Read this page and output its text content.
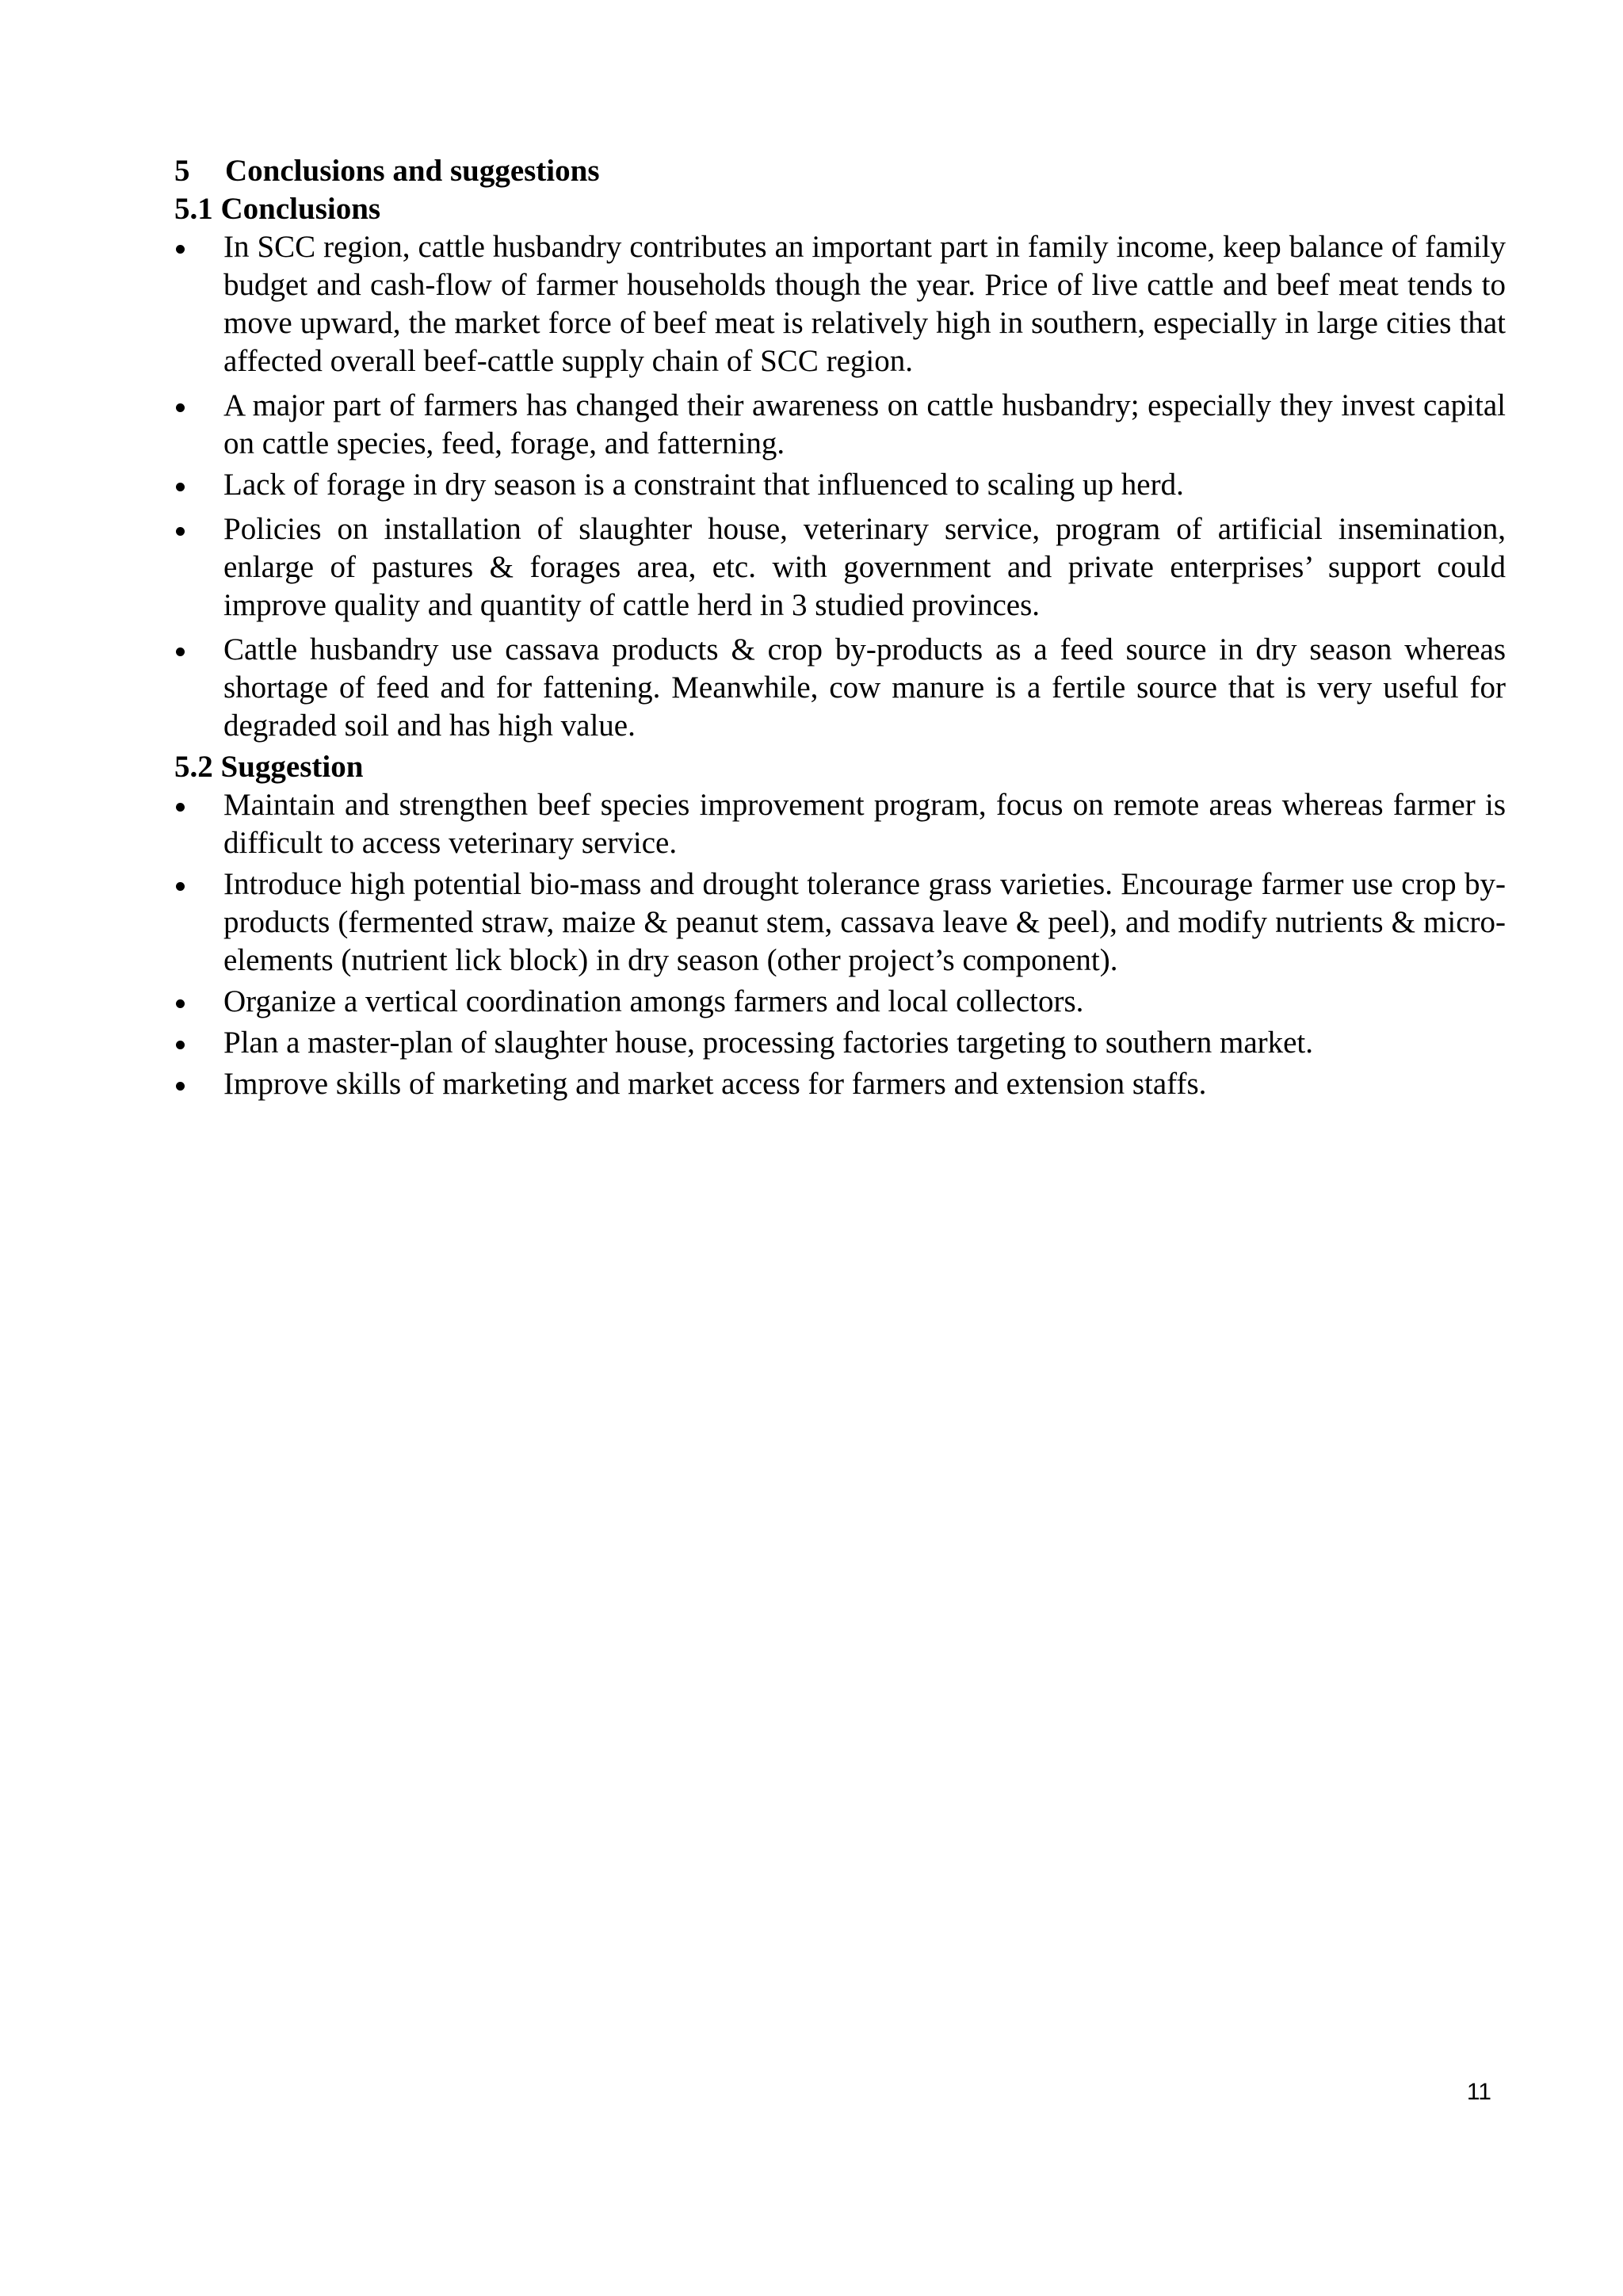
5	Conclusions and suggestions
5.1 Conclusions
In SCC region, cattle husbandry contributes an important part in family income, keep balance of family budget and cash-flow of farmer households though the year. Price of live cattle and beef meat tends to move upward, the market force of beef meat is relatively high in southern, especially in large cities that affected overall beef-cattle supply chain of SCC region.
A major part of farmers has changed their awareness on cattle husbandry; especially they invest capital on cattle species, feed, forage, and fatterning.
Lack of forage in dry season is a constraint that influenced to scaling up herd.
Policies on installation of slaughter house, veterinary service, program of artificial insemination, enlarge of pastures & forages area, etc. with government and private enterprises’ support could improve quality and quantity of cattle herd in 3 studied provinces.
Cattle husbandry use cassava products & crop by-products as a feed source in dry season whereas shortage of feed and for fattening. Meanwhile, cow manure is a fertile source that is very useful for degraded soil and has high value.
5.2 Suggestion
Maintain and strengthen beef species improvement program, focus on remote areas whereas farmer is difficult to access veterinary service.
Introduce high potential bio-mass and drought tolerance grass varieties. Encourage farmer use crop by-products (fermented straw, maize & peanut stem, cassava leave & peel), and modify nutrients & micro-elements (nutrient lick block) in dry season (other project’s component).
Organize a vertical coordination amongs farmers and local collectors.
Plan a master-plan of slaughter house, processing factories targeting to southern market.
Improve skills of marketing and market access for farmers and extension staffs.
11
